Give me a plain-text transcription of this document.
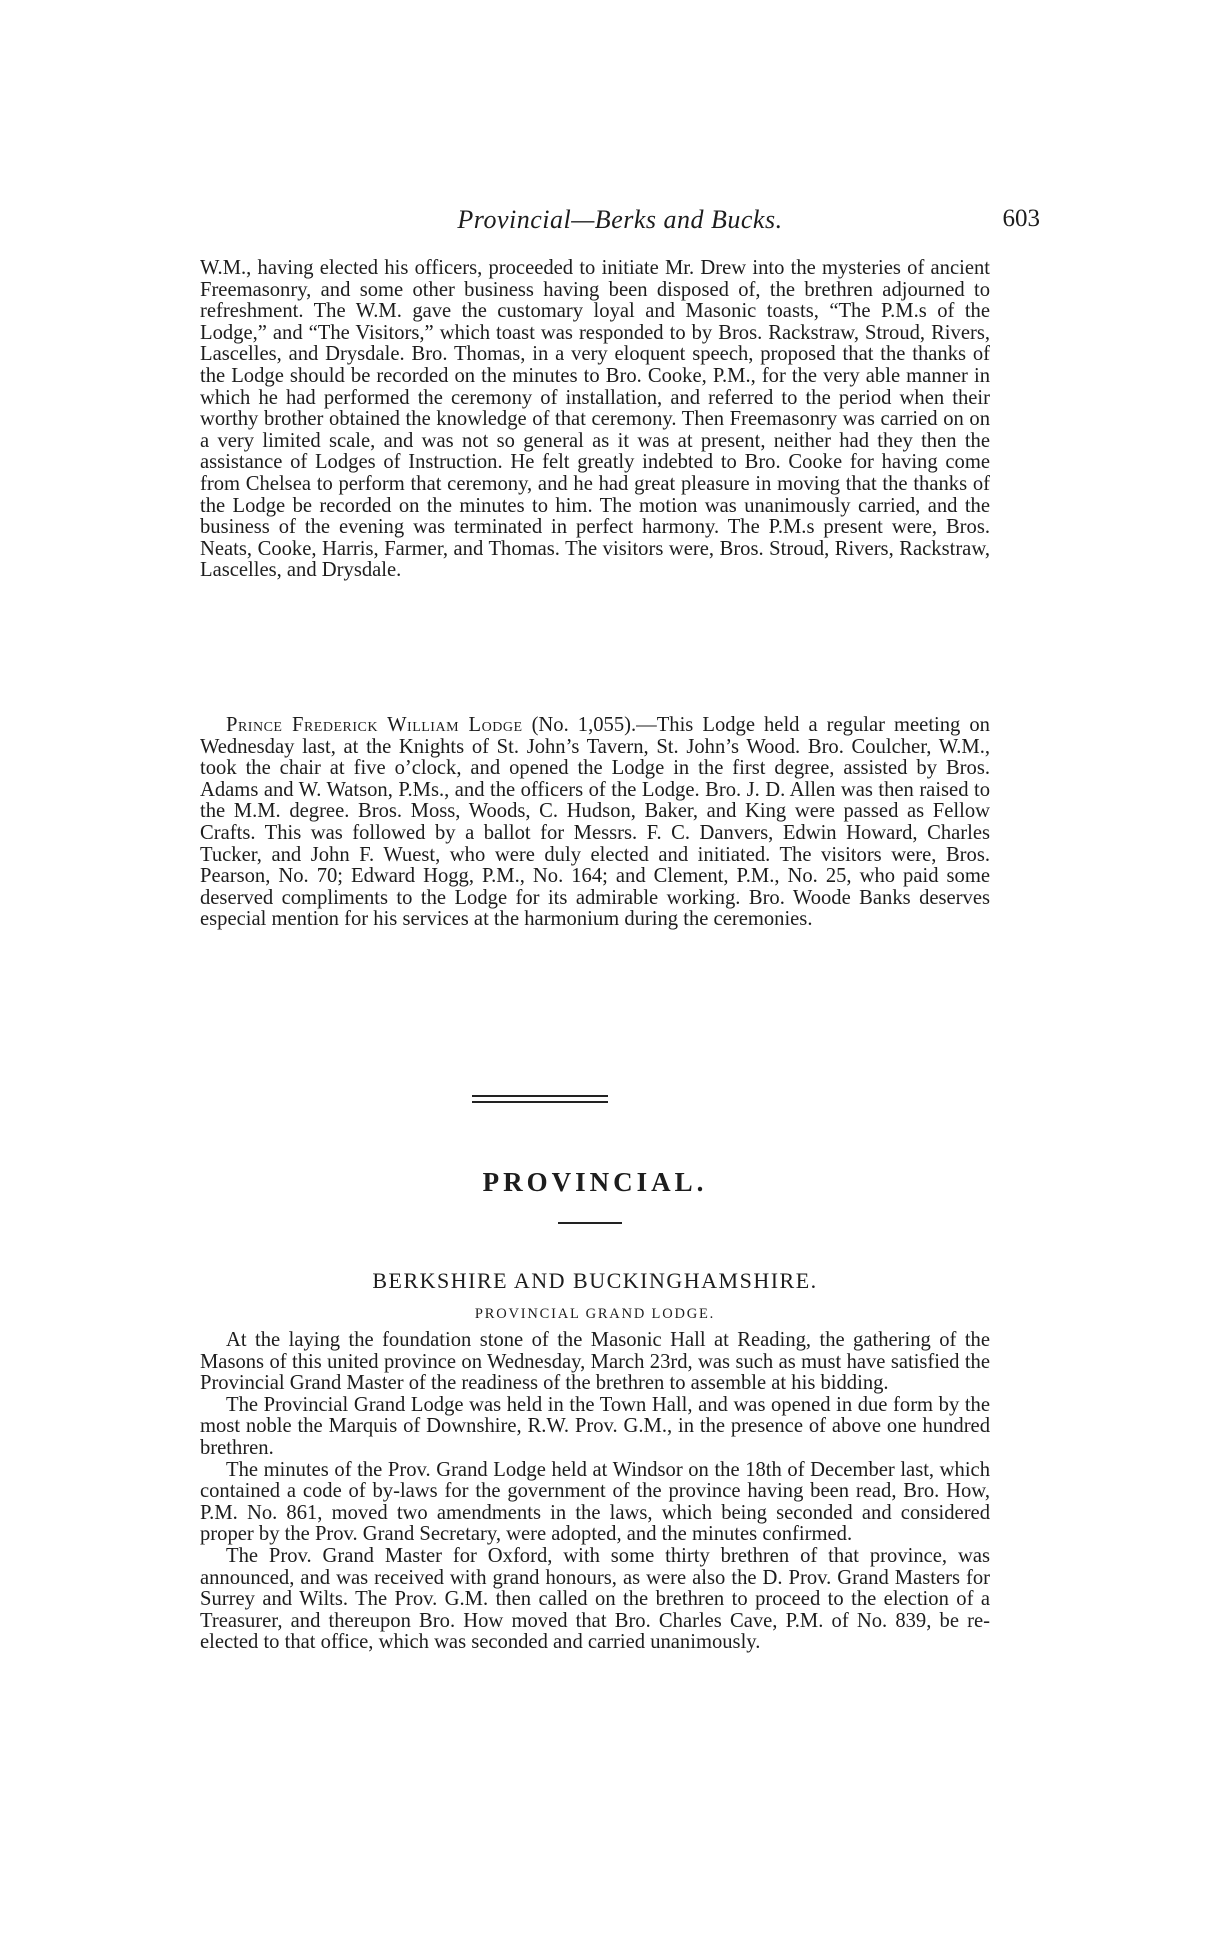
Provincial—Berks and Bucks.	603

W.M., having elected his officers, proceeded to initiate Mr. Drew into the mysteries of ancient Freemasonry, and some other business having been disposed of, the brethren adjourned to refreshment. The W.M. gave the customary loyal and Masonic toasts, “The P.M.s of the Lodge,” and “The Visitors,” which toast was responded to by Bros. Rackstraw, Stroud, Rivers, Lascelles, and Drysdale. Bro. Thomas, in a very eloquent speech, proposed that the thanks of the Lodge should be recorded on the minutes to Bro. Cooke, P.M., for the very able manner in which he had performed the ceremony of installation, and referred to the period when their worthy brother obtained the knowledge of that ceremony. Then Freemasonry was carried on on a very limited scale, and was not so general as it was at present, neither had they then the assistance of Lodges of Instruction. He felt greatly indebted to Bro. Cooke for having come from Chelsea to perform that ceremony, and he had great pleasure in moving that the thanks of the Lodge be recorded on the minutes to him. The motion was unanimously carried, and the business of the evening was terminated in perfect harmony. The P.M.s present were, Bros. Neats, Cooke, Harris, Farmer, and Thomas. The visitors were, Bros. Stroud, Rivers, Rackstraw, Lascelles, and Drysdale.

Prince Frederick William Lodge (No. 1,055).—This Lodge held a regular meeting on Wednesday last, at the Knights of St. John’s Tavern, St. John’s Wood. Bro. Coulcher, W.M., took the chair at five o’clock, and opened the Lodge in the first degree, assisted by Bros. Adams and W. Watson, P.Ms., and the officers of the Lodge. Bro. J. D. Allen was then raised to the M.M. degree. Bros. Moss, Woods, C. Hudson, Baker, and King were passed as Fellow Crafts. This was followed by a ballot for Messrs. F. C. Danvers, Edwin Howard, Charles Tucker, and John F. Wuest, who were duly elected and initiated. The visitors were, Bros. Pearson, No. 70; Edward Hogg, P.M., No. 164; and Clement, P.M., No. 25, who paid some deserved compliments to the Lodge for its admirable working. Bro. Woode Banks deserves especial mention for his services at the harmonium during the ceremonies.

PROVINCIAL.
BERKSHIRE AND BUCKINGHAMSHIRE.
PROVINCIAL GRAND LODGE.

At the laying the foundation stone of the Masonic Hall at Reading, the gathering of the Masons of this united province on Wednesday, March 23rd, was such as must have satisfied the Provincial Grand Master of the readiness of the brethren to assemble at his bidding.

The Provincial Grand Lodge was held in the Town Hall, and was opened in due form by the most noble the Marquis of Downshire, R.W. Prov. G.M., in the presence of above one hundred brethren.

The minutes of the Prov. Grand Lodge held at Windsor on the 18th of December last, which contained a code of by-laws for the government of the province having been read, Bro. How, P.M. No. 861, moved two amendments in the laws, which being seconded and considered proper by the Prov. Grand Secretary, were adopted, and the minutes confirmed.

The Prov. Grand Master for Oxford, with some thirty brethren of that province, was announced, and was received with grand honours, as were also the D. Prov. Grand Masters for Surrey and Wilts. The Prov. G.M. then called on the brethren to proceed to the election of a Treasurer, and thereupon Bro. How moved that Bro. Charles Cave, P.M. of No. 839, be re-elected to that office, which was seconded and carried unanimously.
